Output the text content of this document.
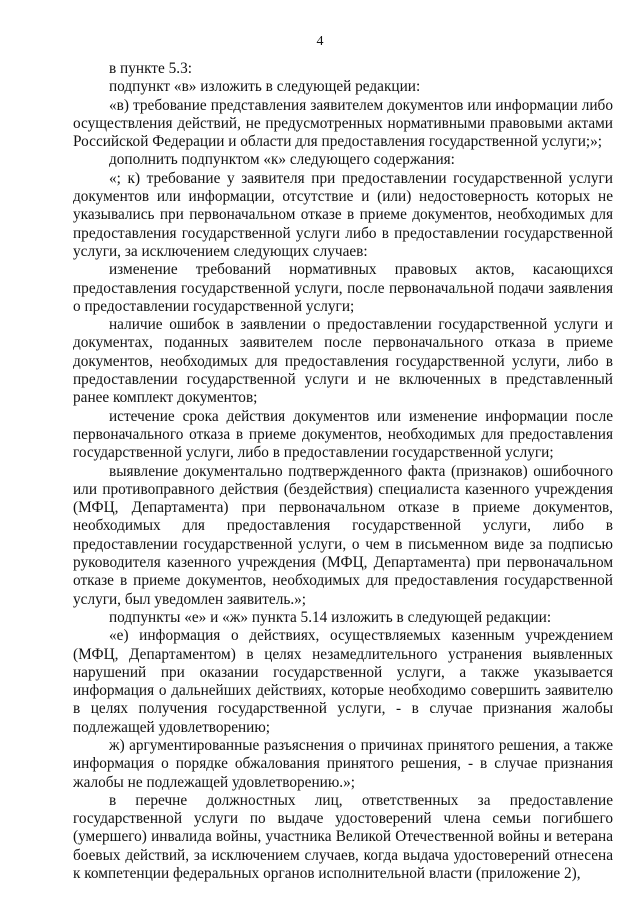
4

в пункте 5.3:

подпункт «в» изложить в следующей редакции:

«в) требование представления заявителем документов или информации либо осуществления действий, не предусмотренных нормативными правовыми актами Российской Федерации и области для предоставления государственной услуги;»;

дополнить подпунктом «к» следующего содержания:

«; к) требование у заявителя при предоставлении государственной услуги документов или информации, отсутствие и (или) недостоверность которых не указывались при первоначальном отказе в приеме документов, необходимых для предоставления государственной услуги либо в предоставлении государственной услуги, за исключением следующих случаев:

изменение требований нормативных правовых актов, касающихся предоставления государственной услуги, после первоначальной подачи заявления о предоставлении государственной услуги;

наличие ошибок в заявлении о предоставлении государственной услуги и документах, поданных заявителем после первоначального отказа в приеме документов, необходимых для предоставления государственной услуги, либо в предоставлении государственной услуги и не включенных в представленный ранее комплект документов;

истечение срока действия документов или изменение информации после первоначального отказа в приеме документов, необходимых для предоставления государственной услуги, либо в предоставлении государственной услуги;

выявление документально подтвержденного факта (признаков) ошибочного или противоправного действия (бездействия) специалиста казенного учреждения (МФЦ, Департамента) при первоначальном отказе в приеме документов, необходимых для предоставления государственной услуги, либо в предоставлении государственной услуги, о чем в письменном виде за подписью руководителя казенного учреждения (МФЦ, Департамента) при первоначальном отказе в приеме документов, необходимых для предоставления государственной услуги, был уведомлен заявитель.»;

подпункты «е» и «ж» пункта 5.14 изложить в следующей редакции:

«е) информация о действиях, осуществляемых казенным учреждением (МФЦ, Департаментом) в целях незамедлительного устранения выявленных нарушений при оказании государственной услуги, а также указывается информация о дальнейших действиях, которые необходимо совершить заявителю в целях получения государственной услуги, - в случае признания жалобы подлежащей удовлетворению;

ж) аргументированные разъяснения о причинах принятого решения, а также информация о порядке обжалования принятого решения, - в случае признания жалобы не подлежащей удовлетворению.»;

в перечне должностных лиц, ответственных за предоставление государственной услуги по выдаче удостоверений члена семьи погибшего (умершего) инвалида войны, участника Великой Отечественной войны и ветерана боевых действий, за исключением случаев, когда выдача удостоверений отнесена к компетенции федеральных органов исполнительной власти (приложение 2),
